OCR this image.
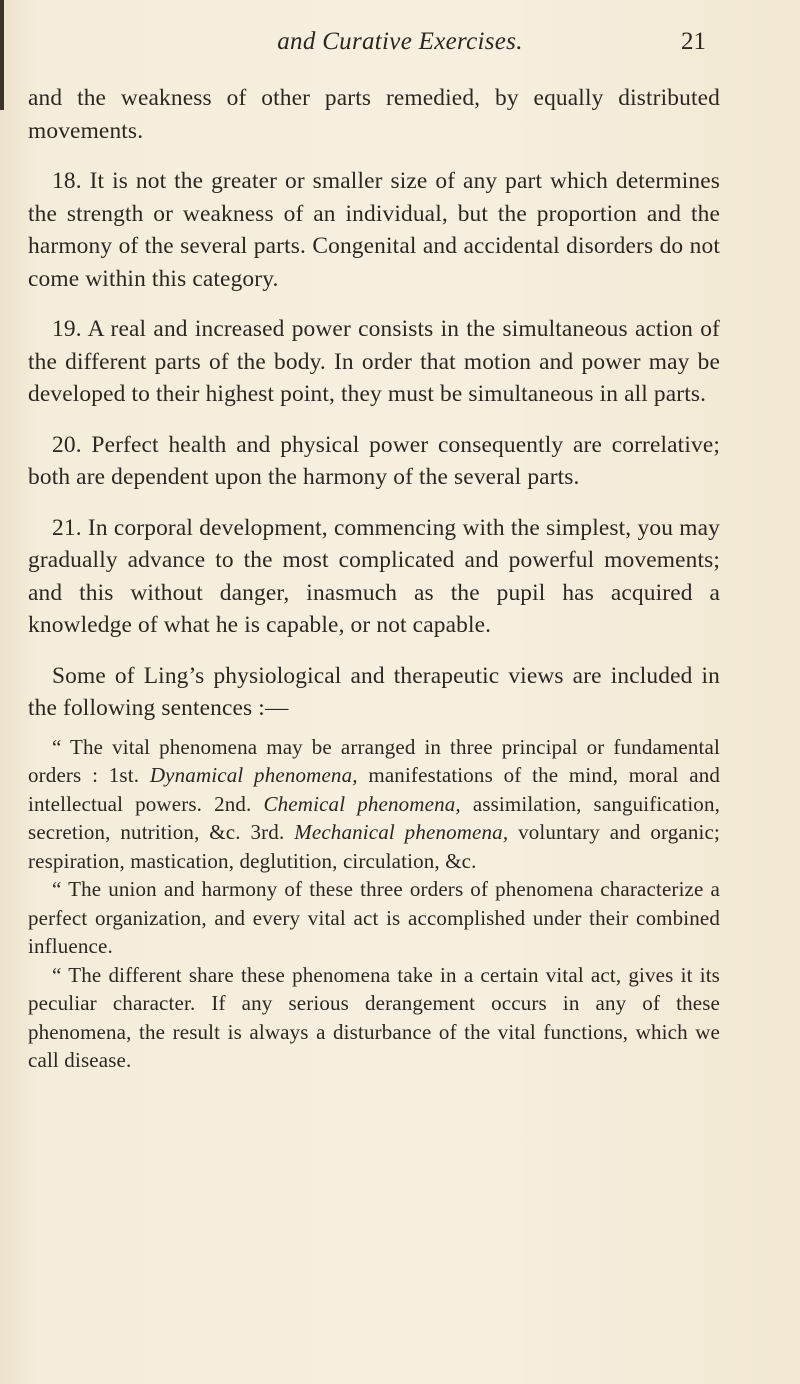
and Curative Exercises.	21

and the weakness of other parts remedied, by equally distributed movements.

18. It is not the greater or smaller size of any part which determines the strength or weakness of an individual, but the proportion and the harmony of the several parts. Congenital and accidental disorders do not come within this category.

19. A real and increased power consists in the simultaneous action of the different parts of the body. In order that motion and power may be developed to their highest point, they must be simultaneous in all parts.

20. Perfect health and physical power consequently are correlative; both are dependent upon the harmony of the several parts.

21. In corporal development, commencing with the simplest, you may gradually advance to the most complicated and powerful movements; and this without danger, inasmuch as the pupil has acquired a knowledge of what he is capable, or not capable.

Some of Ling’s physiological and therapeutic views are included in the following sentences :—

“ The vital phenomena may be arranged in three principal or fundamental orders : 1st. Dynamical phenomena, manifestations of the mind, moral and intellectual powers. 2nd. Chemical phenomena, assimilation, sanguification, secretion, nutrition, &c. 3rd. Mechanical phenomena, voluntary and organic; respiration, mastication, deglutition, circulation, &c.

“ The union and harmony of these three orders of phenomena characterize a perfect organization, and every vital act is accomplished under their combined influence.

“ The different share these phenomena take in a certain vital act, gives it its peculiar character. If any serious derangement occurs in any of these phenomena, the result is always a disturbance of the vital functions, which we call disease.
